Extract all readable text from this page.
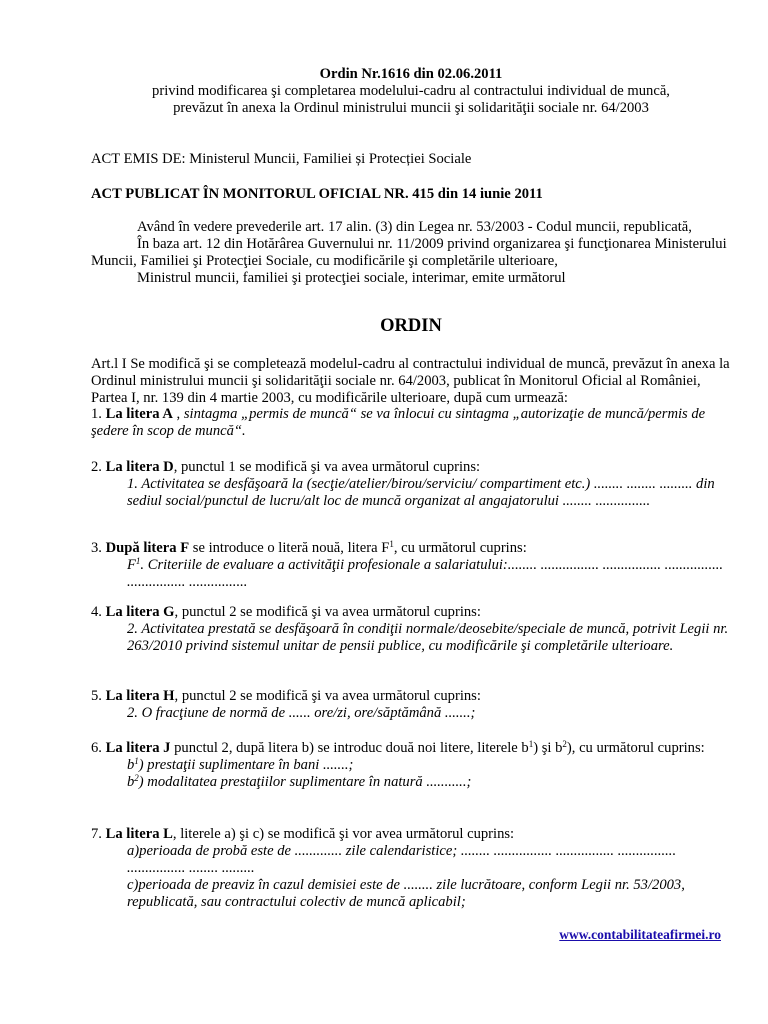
Ordin Nr.1616 din 02.06.2011
privind modificarea şi completarea modelului-cadru al contractului individual de muncă, prevăzut în anexa la Ordinul ministrului muncii şi solidarităţii sociale nr. 64/2003
ACT EMIS DE: Ministerul Muncii, Familiei și Protecției Sociale
ACT PUBLICAT ÎN MONITORUL OFICIAL NR. 415 din 14 iunie 2011
Având în vedere prevederile art. 17 alin. (3) din Legea nr. 53/2003 - Codul muncii, republicată,
În baza art. 12 din Hotărârea Guvernului nr. 11/2009 privind organizarea şi funcţionarea Ministerului Muncii, Familiei şi Protecţiei Sociale, cu modificările şi completările ulterioare,
Ministrul muncii, familiei şi protecţiei sociale, interimar, emite următorul
ORDIN
Art.l I Se modifică şi se completează modelul-cadru al contractului individual de muncă, prevăzut în anexa la Ordinul ministrului muncii şi solidarităţii sociale nr. 64/2003, publicat în Monitorul Oficial al României, Partea I, nr. 139 din 4 martie 2003, cu modificările ulterioare, după cum urmează:
1. La litera A , sintagma „permis de muncă“ se va înlocui cu sintagma „autorizaţie de muncă/permis de şedere în scop de muncă“.
2. La litera D, punctul 1 se modifică şi va avea următorul cuprins:
1. Activitatea se desfăşoară la (secţie/atelier/birou/serviciu/ compartiment etc.) ........ ........ ......... din sediul social/punctul de lucru/alt loc de muncă organizat al angajatorului ........ ...............
3. După litera F se introduce o literă nouă, litera $F^1$, cu următorul cuprins:
$F^1$. Criteriile de evaluare a activităţii profesionale a salariatului:........ ................ ................ ................ ................ ................
4. La litera G, punctul 2 se modifică şi va avea următorul cuprins:
2. Activitatea prestată se desfăşoară în condiţii normale/deosebite/speciale de muncă, potrivit Legii nr. 263/2010 privind sistemul unitar de pensii publice, cu modificările şi completările ulterioare.
5. La litera H, punctul 2 se modifică şi va avea următorul cuprins:
2. O fracţiune de normă de ...... ore/zi, ore/săptămână .......;
6. La litera J punctul 2, după litera b) se introduc două noi litere, literele $b^1$) şi $b^2$), cu următorul cuprins:
$b^1$) prestaţii suplimentare în bani .......;
$b^2$) modalitatea prestaţiilor suplimentare în natură ...........;
7. La litera L, literele a) şi c) se modifică şi vor avea următorul cuprins:
a)perioada de probă este de ............. zile calendaristice; ........ ................ ................ ................ ................ ........ .........
c)perioada de preaviz în cazul demisiei este de ........ zile lucrătoare, conform Legii nr. 53/2003, republicată, sau contractului colectiv de muncă aplicabil;
www.contabilitateafirmei.ro
